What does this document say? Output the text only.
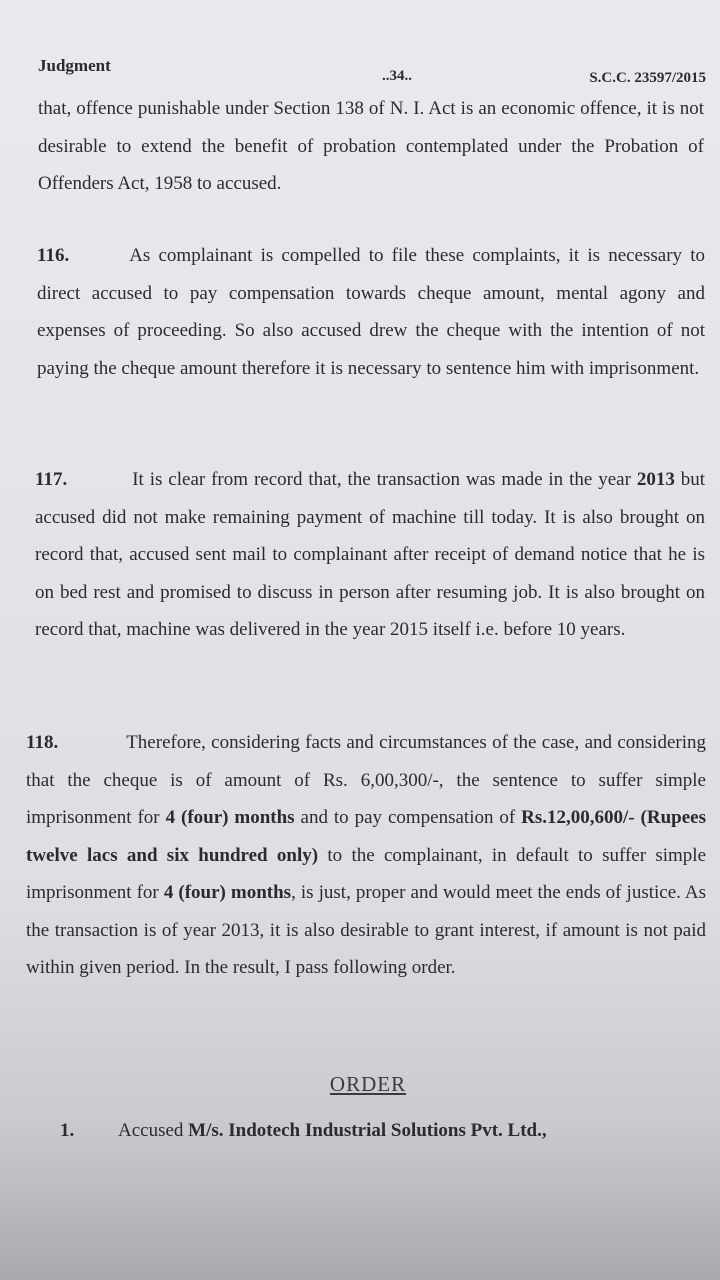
Judgment
..34..	S.C.C. 23597/2015

that, offence punishable under Section 138 of N. I. Act is an economic offence, it is not desirable to extend the benefit of probation contemplated under the Probation of Offenders Act, 1958 to accused.

116.	As complainant is compelled to file these complaints, it is necessary to direct accused to pay compensation towards cheque amount, mental agony and expenses of proceeding. So also accused drew the cheque with the intention of not paying the cheque amount therefore it is necessary to sentence him with imprisonment.

117.	It is clear from record that, the transaction was made in the year 2013 but accused did not make remaining payment of machine till today. It is also brought on record that, accused sent mail to complainant after receipt of demand notice that he is on bed rest and promised to discuss in person after resuming job. It is also brought on record that, machine was delivered in the year 2015 itself i.e. before 10 years.

118.	Therefore, considering facts and circumstances of the case, and considering that the cheque is of amount of Rs. 6,00,300/-, the sentence to suffer simple imprisonment for 4 (four) months and to pay compensation of Rs.12,00,600/- (Rupees twelve lacs and six hundred only) to the complainant, in default to suffer simple imprisonment for 4 (four) months, is just, proper and would meet the ends of justice. As the transaction is of year 2013, it is also desirable to grant interest, if amount is not paid within given period. In the result, I pass following order.

ORDER
1. Accused M/s. Indotech Industrial Solutions Pvt. Ltd.,
